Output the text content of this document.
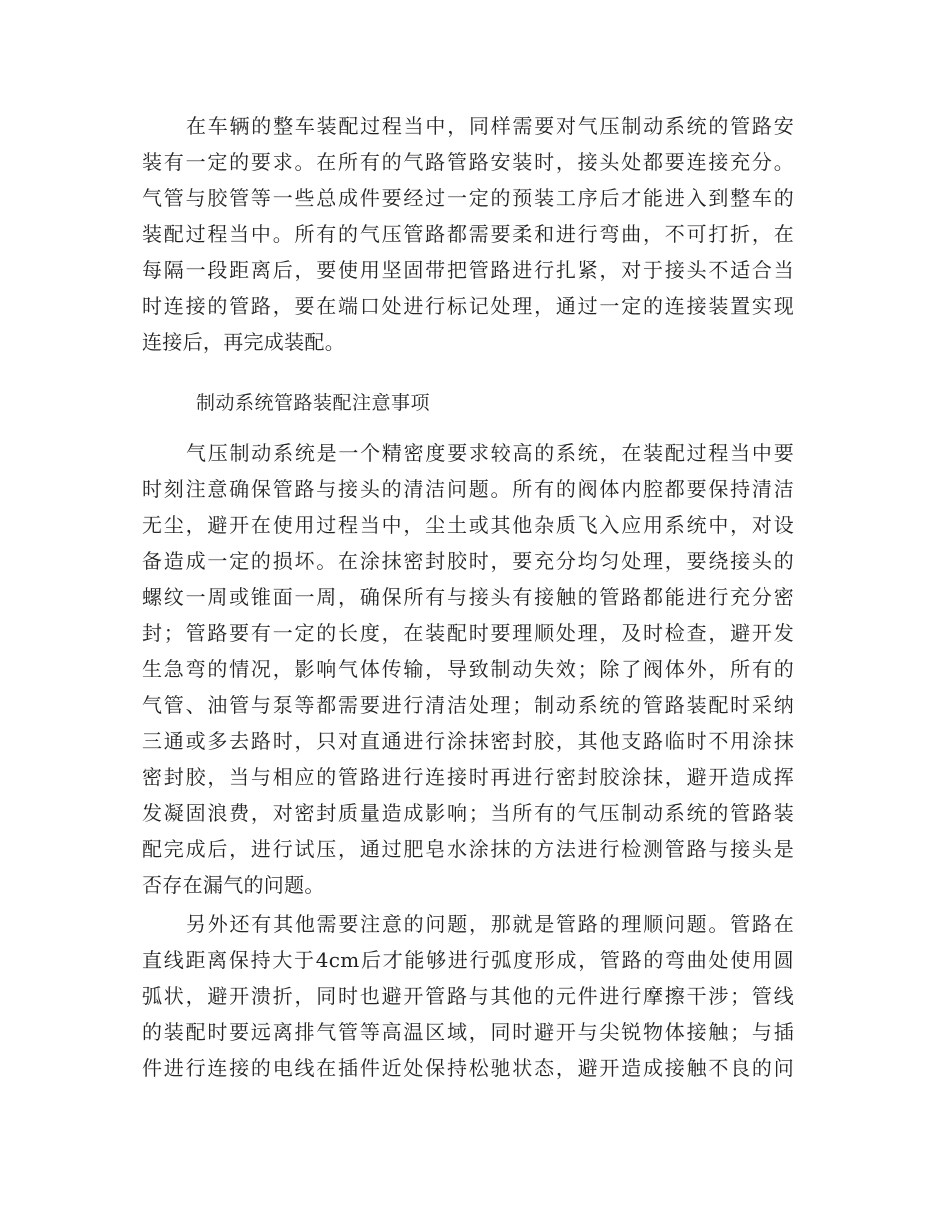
在车辆的整车装配过程当中，同样需要对气压制动系统的管路安
装有一定的要求。在所有的气路管路安装时，接头处都要连接充分。
气管与胶管等一些总成件要经过一定的预装工序后才能进入到整车的
装配过程当中。所有的气压管路都需要柔和进行弯曲，不可打折，在
每隔一段距离后，要使用坚固带把管路进行扎紧，对于接头不适合当
时连接的管路，要在端口处进行标记处理，通过一定的连接装置实现
连接后，再完成装配。
制动系统管路装配注意事项
气压制动系统是一个精密度要求较高的系统，在装配过程当中要
时刻注意确保管路与接头的清洁问题。所有的阀体内腔都要保持清洁
无尘，避开在使用过程当中，尘土或其他杂质飞入应用系统中，对设
备造成一定的损坏。在涂抹密封胶时，要充分均匀处理，要绕接头的
螺纹一周或锥面一周，确保所有与接头有接触的管路都能进行充分密
封；管路要有一定的长度，在装配时要理顺处理，及时检查，避开发
生急弯的情况，影响气体传输，导致制动失效；除了阀体外，所有的
气管、油管与泵等都需要进行清洁处理；制动系统的管路装配时采纳
三通或多去路时，只对直通进行涂抹密封胶，其他支路临时不用涂抹
密封胶，当与相应的管路进行连接时再进行密封胶涂抹，避开造成挥
发凝固浪费，对密封质量造成影响；当所有的气压制动系统的管路装
配完成后，进行试压，通过肥皂水涂抹的方法进行检测管路与接头是
否存在漏气的问题。
另外还有其他需要注意的问题，那就是管路的理顺问题。管路在
直线距离保持大于4cm后才能够进行弧度形成，管路的弯曲处使用圆
弧状，避开溃折，同时也避开管路与其他的元件进行摩擦干涉；管线
的装配时要远离排气管等高温区域，同时避开与尖锐物体接触；与插
件进行连接的电线在插件近处保持松驰状态，避开造成接触不良的问
